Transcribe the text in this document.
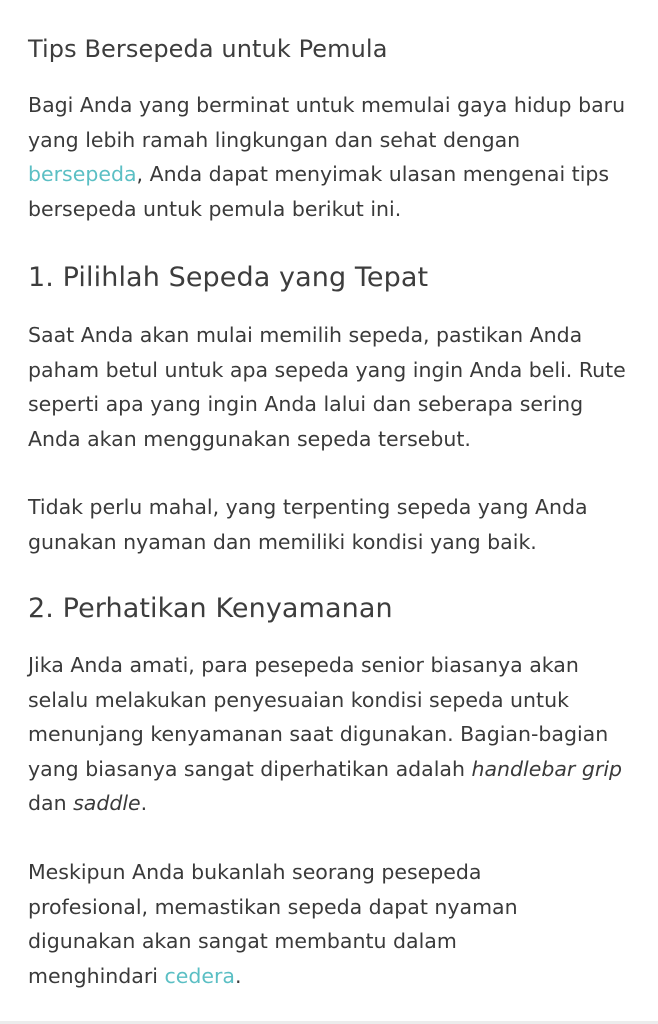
Tips Bersepeda untuk Pemula

Bagi Anda yang berminat untuk memulai gaya hidup baru yang lebih ramah lingkungan dan sehat dengan bersepeda, Anda dapat menyimak ulasan mengenai tips bersepeda untuk pemula berikut ini.

1. Pilihlah Sepeda yang Tepat

Saat Anda akan mulai memilih sepeda, pastikan Anda paham betul untuk apa sepeda yang ingin Anda beli. Rute seperti apa yang ingin Anda lalui dan seberapa sering Anda akan menggunakan sepeda tersebut.

Tidak perlu mahal, yang terpenting sepeda yang Anda gunakan nyaman dan memiliki kondisi yang baik.

2. Perhatikan Kenyamanan

Jika Anda amati, para pesepeda senior biasanya akan selalu melakukan penyesuaian kondisi sepeda untuk menunjang kenyamanan saat digunakan. Bagian-bagian yang biasanya sangat diperhatikan adalah handlebar grip dan saddle.

Meskipun Anda bukanlah seorang pesepeda profesional, memastikan sepeda dapat nyaman digunakan akan sangat membantu dalam menghindari cedera.
